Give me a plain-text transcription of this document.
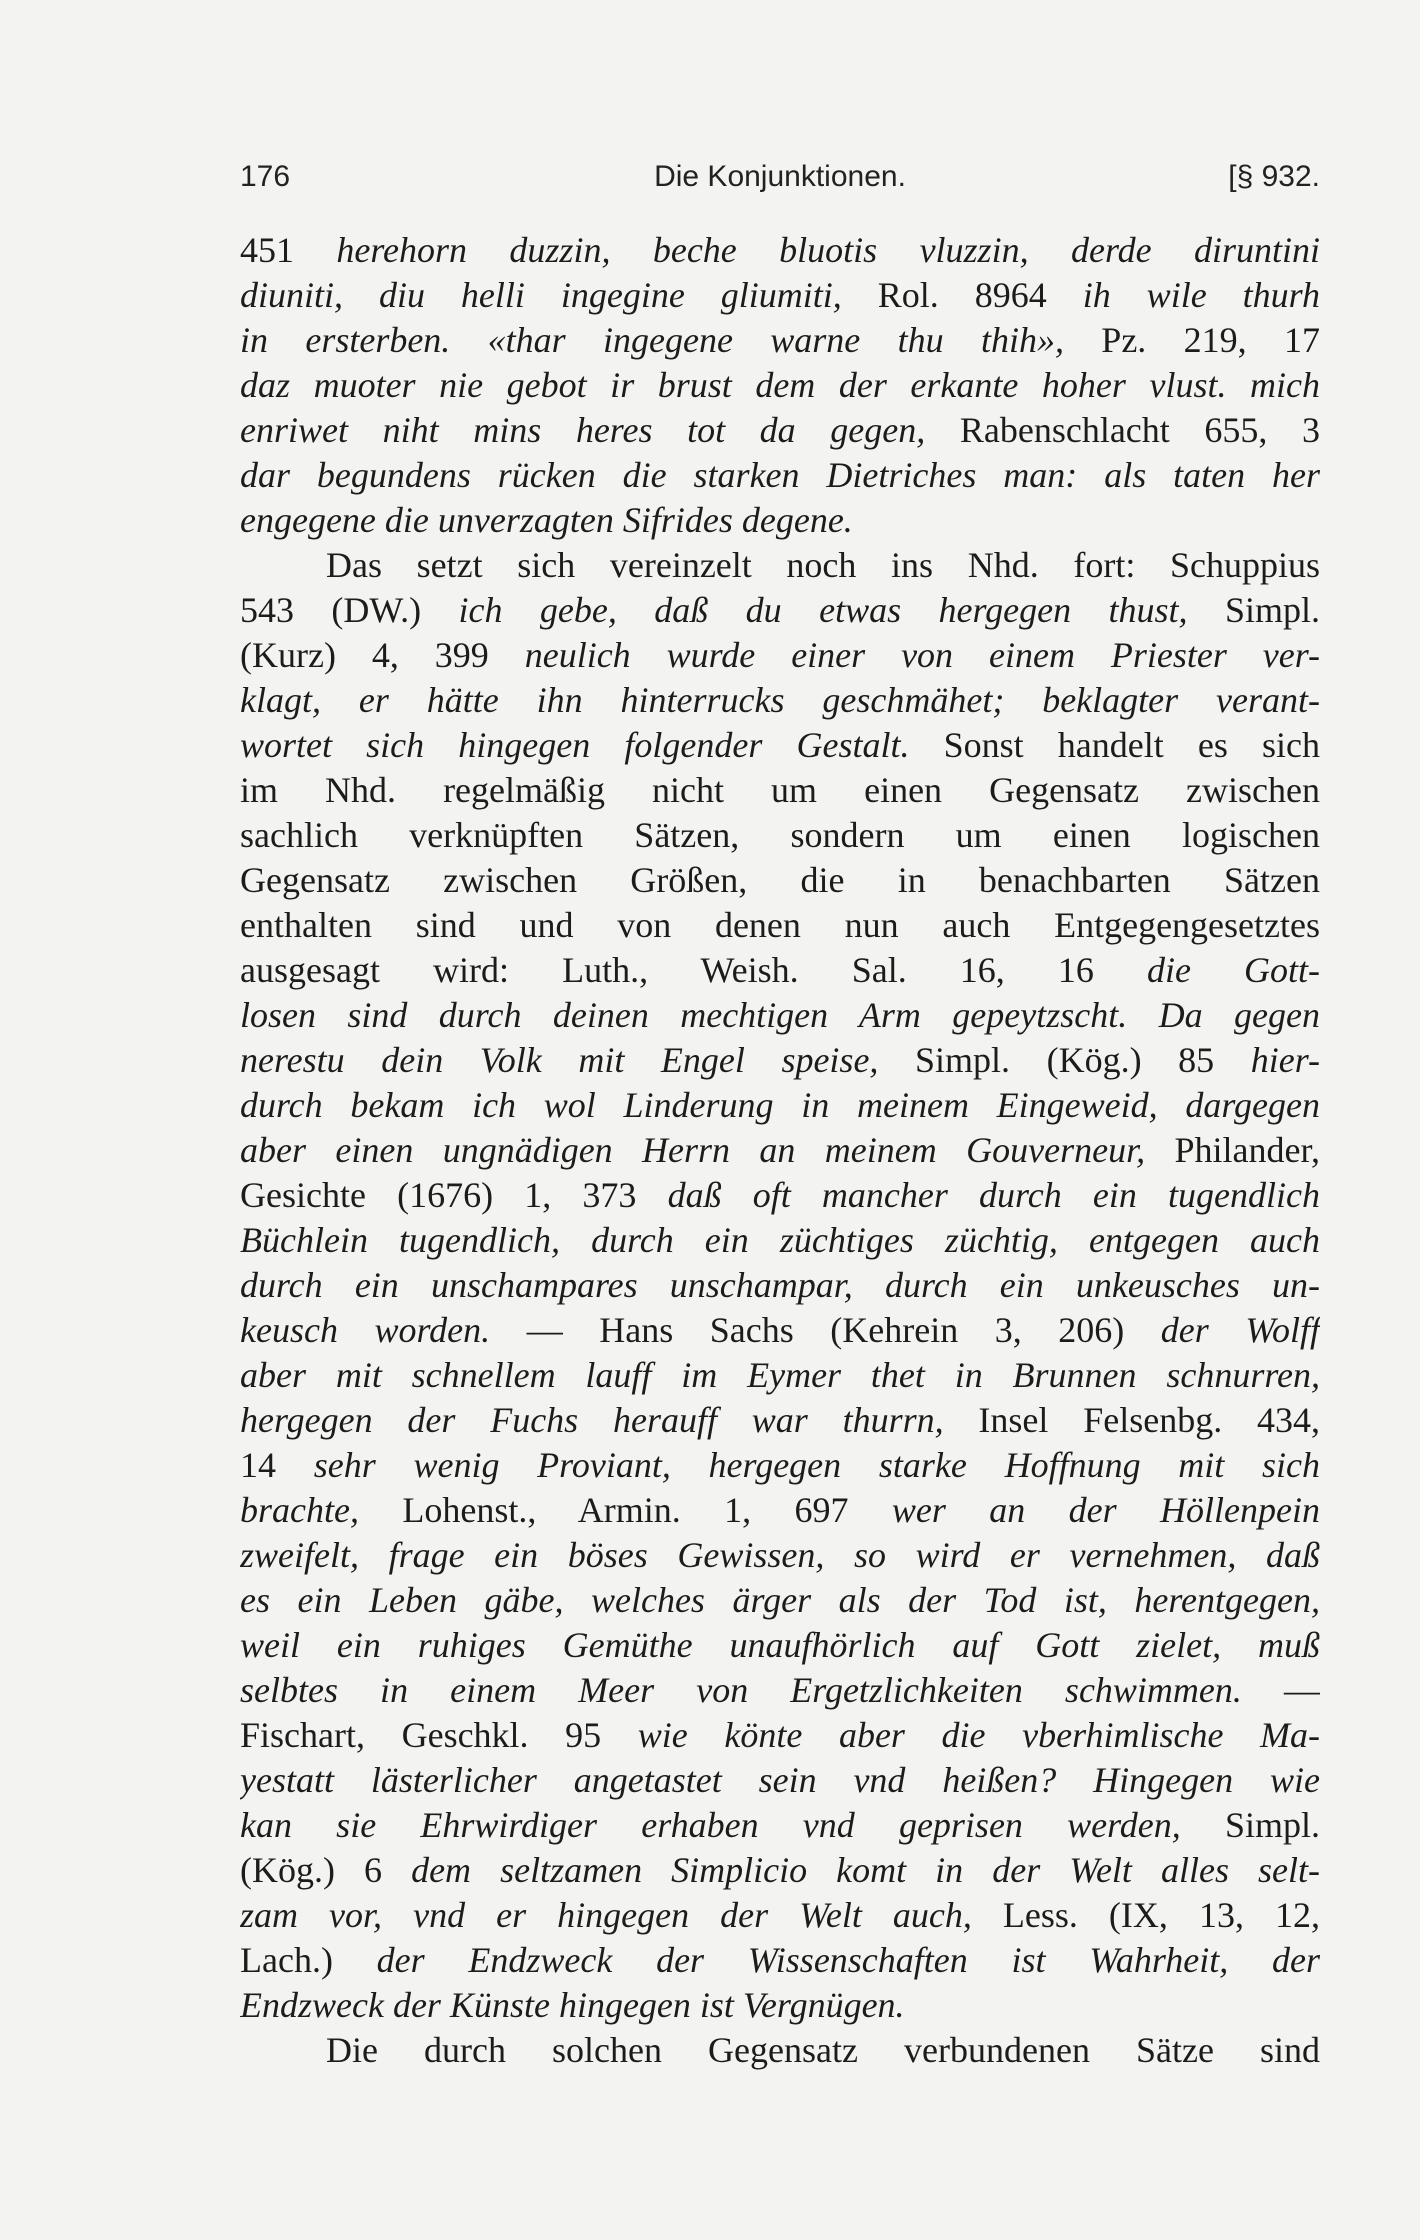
176	Die Konjunktionen.	[§ 932.
451 herehorn duzzin, beche bluotis vluzzin, derde diruntini
diuniti, diu helli ingegine gliumiti, Rol. 8964 ih wile thurh
in ersterben. «thar ingegene warne thu thih», Pz. 219, 17
daz muoter nie gebot ir brust dem der erkante hoher vlust. mich
enriwet niht mins heres tot da gegen, Rabenschlacht 655, 3
dar begundens rücken die starken Dietriches man: als taten her
engegene die unverzagten Sifrides degene.
Das setzt sich vereinzelt noch ins Nhd. fort: Schuppius
543 (DW.) ich gebe, daß du etwas hergegen thust, Simpl.
(Kurz) 4, 399 neulich wurde einer von einem Priester ver-
klagt, er hätte ihn hinterrucks geschmähet; beklagter verant-
wortet sich hingegen folgender Gestalt. Sonst handelt es sich
im Nhd. regelmäßig nicht um einen Gegensatz zwischen
sachlich verknüpften Sätzen, sondern um einen logischen
Gegensatz zwischen Größen, die in benachbarten Sätzen
enthalten sind und von denen nun auch Entgegengesetztes
ausgesagt wird: Luth., Weish. Sal. 16, 16 die Gott-
losen sind durch deinen mechtigen Arm gepeytzscht. Da gegen
nerestu dein Volk mit Engel speise, Simpl. (Kög.) 85 hier-
durch bekam ich wol Linderung in meinem Eingeweid, dargegen
aber einen ungnädigen Herrn an meinem Gouverneur, Philander,
Gesichte (1676) 1, 373 daß oft mancher durch ein tugendlich
Büchlein tugendlich, durch ein züchtiges züchtig, entgegen auch
durch ein unschampares unschampar, durch ein unkeusches un-
keusch worden. — Hans Sachs (Kehrein 3, 206) der Wolff
aber mit schnellem lauff im Eymer thet in Brunnen schnurren,
hergegen der Fuchs herauff war thurrn, Insel Felsenbg. 434,
14 sehr wenig Proviant, hergegen starke Hoffnung mit sich
brachte, Lohenst., Armin. 1, 697 wer an der Höllenpein
zweifelt, frage ein böses Gewissen, so wird er vernehmen, daß
es ein Leben gäbe, welches ärger als der Tod ist, herentgegen,
weil ein ruhiges Gemüthe unaufhörlich auf Gott zielet, muß
selbtes in einem Meer von Ergetzlichkeiten schwimmen. —
Fischart, Geschkl. 95 wie könte aber die vberhimlische Ma-
yestatt lästerlicher angetastet sein vnd heißen? Hingegen wie
kan sie Ehrwirdiger erhaben vnd geprisen werden, Simpl.
(Kög.) 6 dem seltzamen Simplicio komt in der Welt alles selt-
zam vor, vnd er hingegen der Welt auch, Less. (IX, 13, 12,
Lach.) der Endzweck der Wissenschaften ist Wahrheit, der
Endzweck der Künste hingegen ist Vergnügen.
Die durch solchen Gegensatz verbundenen Sätze sind
